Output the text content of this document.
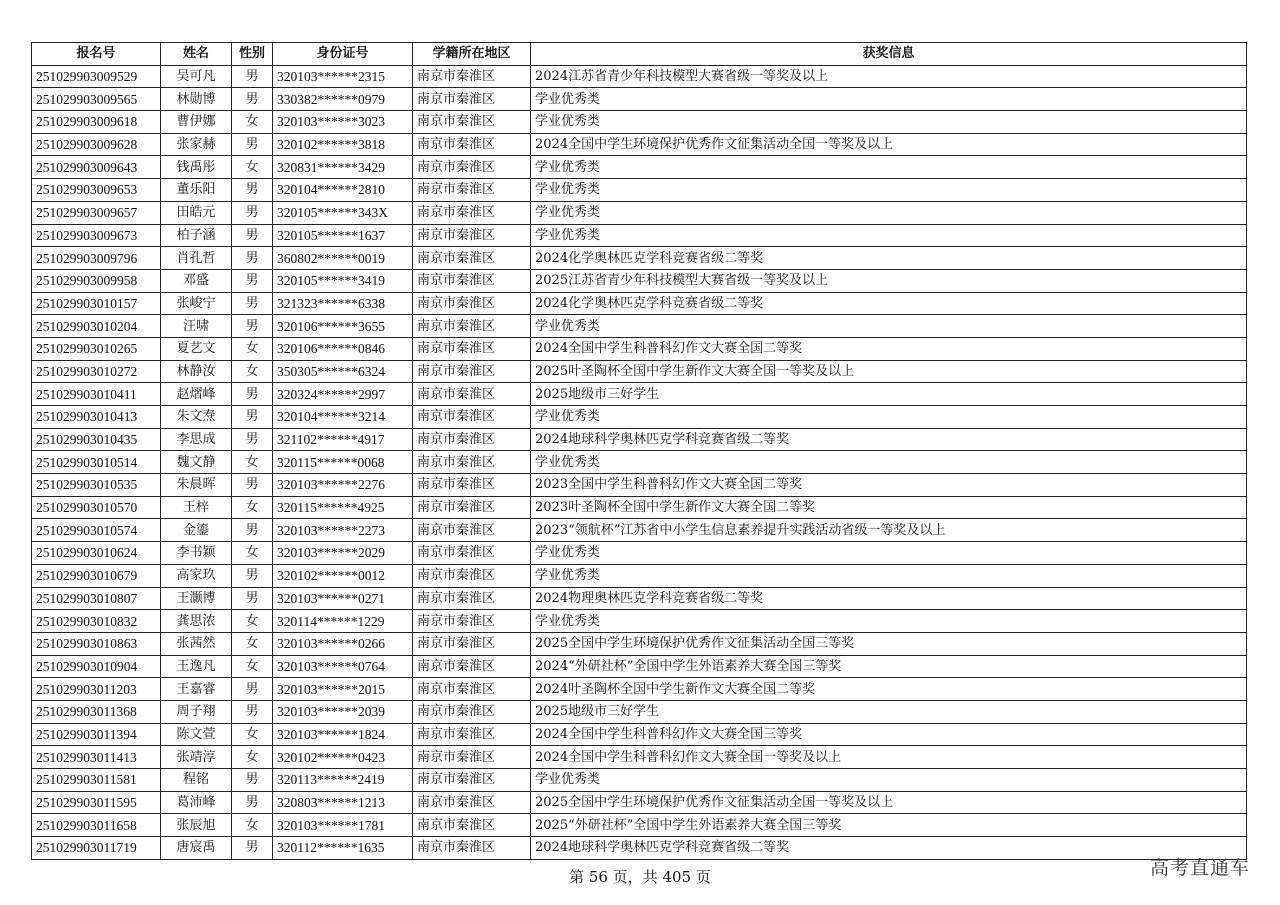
报名号	姓名	性别	身份证号	学籍所在地区	获奖信息
251029903009529	吴可凡	男	320103******2315	南京市秦淮区	2024江苏省青少年科技模型大赛省级一等奖及以上
251029903009565	林勋博	男	330382******0979	南京市秦淮区	学业优秀类
251029903009618	曹伊娜	女	320103******3023	南京市秦淮区	学业优秀类
251029903009628	张家赫	男	320102******3818	南京市秦淮区	2024全国中学生环境保护优秀作文征集活动全国一等奖及以上
251029903009643	钱禹彤	女	320831******3429	南京市秦淮区	学业优秀类
251029903009653	董乐阳	男	320104******2810	南京市秦淮区	学业优秀类
251029903009657	田皓元	男	320105******343X	南京市秦淮区	学业优秀类
251029903009673	柏子涵	男	320105******1637	南京市秦淮区	学业优秀类
251029903009796	肖孔哲	男	360802******0019	南京市秦淮区	2024化学奥林匹克学科竞赛省级二等奖
251029903009958	邓盛	男	320105******3419	南京市秦淮区	2025江苏省青少年科技模型大赛省级一等奖及以上
251029903010157	张峻宁	男	321323******6338	南京市秦淮区	2024化学奥林匹克学科竞赛省级二等奖
251029903010204	汪啸	男	320106******3655	南京市秦淮区	学业优秀类
251029903010265	夏艺文	女	320106******0846	南京市秦淮区	2024全国中学生科普科幻作文大赛全国二等奖
251029903010272	林静汝	女	350305******6324	南京市秦淮区	2025叶圣陶杯全国中学生新作文大赛全国一等奖及以上
251029903010411	赵熠峰	男	320324******2997	南京市秦淮区	2025地级市三好学生
251029903010413	朱文焘	男	320104******3214	南京市秦淮区	学业优秀类
251029903010435	李思成	男	321102******4917	南京市秦淮区	2024地球科学奥林匹克学科竞赛省级二等奖
251029903010514	魏文静	女	320115******0068	南京市秦淮区	学业优秀类
251029903010535	朱晨晖	男	320103******2276	南京市秦淮区	2023全国中学生科普科幻作文大赛全国二等奖
251029903010570	王梓	女	320115******4925	南京市秦淮区	2023叶圣陶杯全国中学生新作文大赛全国二等奖
251029903010574	金鎏	男	320103******2273	南京市秦淮区	2023“领航杯”江苏省中小学生信息素养提升实践活动省级一等奖及以上
251029903010624	李书颖	女	320103******2029	南京市秦淮区	学业优秀类
251029903010679	高家玖	男	320102******0012	南京市秦淮区	学业优秀类
251029903010807	王灏博	男	320103******0271	南京市秦淮区	2024物理奥林匹克学科竞赛省级二等奖
251029903010832	龚思浓	女	320114******1229	南京市秦淮区	学业优秀类
251029903010863	张茜然	女	320103******0266	南京市秦淮区	2025全国中学生环境保护优秀作文征集活动全国三等奖
251029903010904	王逸凡	女	320103******0764	南京市秦淮区	2024“外研社杯”全国中学生外语素养大赛全国三等奖
251029903011203	王嘉睿	男	320103******2015	南京市秦淮区	2024叶圣陶杯全国中学生新作文大赛全国二等奖
251029903011368	周子翔	男	320103******2039	南京市秦淮区	2025地级市三好学生
251029903011394	陈文萱	女	320103******1824	南京市秦淮区	2024全国中学生科普科幻作文大赛全国三等奖
251029903011413	张靖淳	女	320102******0423	南京市秦淮区	2024全国中学生科普科幻作文大赛全国一等奖及以上
251029903011581	程铭	男	320113******2419	南京市秦淮区	学业优秀类
251029903011595	葛沛峰	男	320803******1213	南京市秦淮区	2025全国中学生环境保护优秀作文征集活动全国一等奖及以上
251029903011658	张辰旭	女	320103******1781	南京市秦淮区	2025“外研社杯”全国中学生外语素养大赛全国三等奖
251029903011719	唐宸禹	男	320112******1635	南京市秦淮区	2024地球科学奥林匹克学科竞赛省级二等奖
第 56 页，共 405 页	高考直通车
